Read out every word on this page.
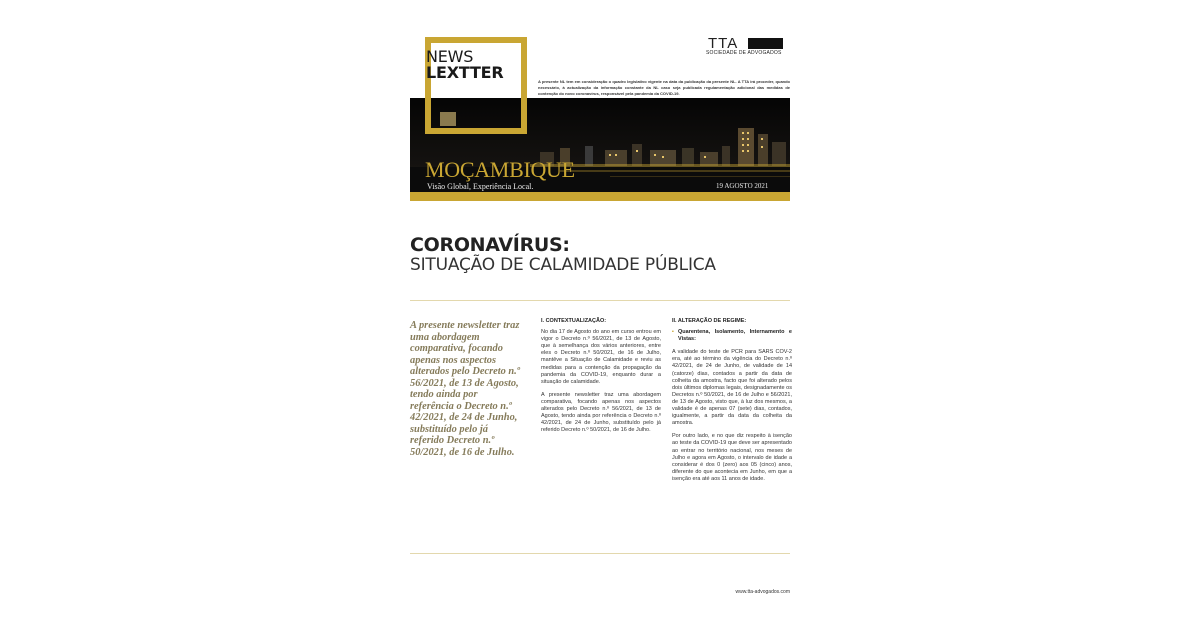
NEWS
LEXTTER
TTA
SOCIEDADE DE ADVOGADOS
A presente NL tem em consideração o quadro legislativo vigente na data da publicação da presente NL. A TTA irá proceder, quando necessário, à actualização da informação constante da NL caso seja publicada regulamentação adicional das medidas de contenção do novo coronavírus, responsável pela pandemia da COVID-19.
MOÇAMBIQUE
Visão Global, Experiência Local.	19 AGOSTO 2021
CORONAVÍRUS:
SITUAÇÃO DE CALAMIDADE PÚBLICA
A presente newsletter traz uma abordagem comparativa, focando apenas nos aspectos alterados pelo Decreto n.º 56/2021, de 13 de Agosto, tendo ainda por referência o Decreto n.º 42/2021, de 24 de Junho, substituído pelo já referido Decreto n.º 50/2021, de 16 de Julho.
I. CONTEXTUALIZAÇÃO:

No dia 17 de Agosto do ano em curso entrou em vigor o Decreto n.º 56/2021, de 13 de Agosto, que à semelhança dos vários anteriores, entre eles o Decreto n.º 50/2021, de 16 de Julho, mantêve a Situação de Calamidade e reviu as medidas para a contenção da propagação da pandemia da COVID-19, enquanto durar a situação de calamidade.

A presente newsletter traz uma abordagem comparativa, focando apenas nos aspectos alterados pelo Decreto n.º 56/2021, de 13 de Agosto, tendo ainda por referência o Decreto n.º 42/2021, de 24 de Junho, substituído pelo já referido Decreto n.º 50/2021, de 16 de Julho.

II. ALTERAÇÃO DE REGIME:
▪ Quarentena, Isolamento, Internamento e Vistas:

A validade do teste de PCR para SARS COV-2 era, até ao término da vigência do Decreto n.º 42/2021, de 24 de Junho, de validade de 14 (catorze) dias, contados a partir da data de colheita da amostra, facto que foi alterado pelos dois últimos diplomas legais, designadamente os Decretos n.º 50/2021, de 16 de Julho e 56/2021, de 13 de Agosto, visto que, à luz dos mesmos, a validade é de apenas 07 (sete) dias, contados, igualmente, a partir da data da colheita da amostra.

Por outro lado, e no que diz respeito à isenção ao teste da COVID-19 que deve ser apresentado ao entrar no território nacional, nos meses de Julho e agora em Agosto, o intervalo de idade a considerar é dos 0 (zero) aos 05 (cinco) anos, diferente do que acontecia em Junho, em que a isenção era até aos 11 anos de idade.

www.tta-advogados.com
